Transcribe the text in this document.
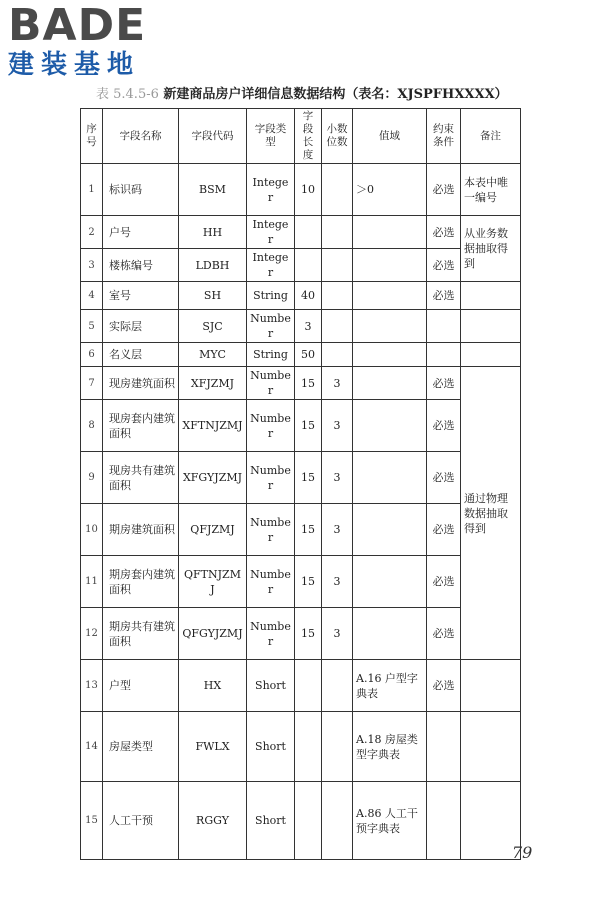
BADE
建装基地
表 5.4.5-6 新建商品房户详细信息数据结构（表名：XJSPFHXXXX）
序号	字段名称	字段代码	字段类型	字段长度	小数位数	值域	约束条件	备注
1	标识码	BSM	Integer	10		＞0	必选	本表中唯一编号
2	户号	HH	Integer				必选	从业务数据抽取得到
3	楼栋编号	LDBH	Integer				必选	
4	室号	SH	String	40			必选	
5	实际层	SJC	Number	3				
6	名义层	MYC	String	50				
7	现房建筑面积	XFJZMJ	Number	15	3		必选	通过物理数据抽取得到
8	现房套内建筑面积	XFTNJZMJ	Number	15	3		必选	
9	现房共有建筑面积	XFGYJZMJ	Number	15	3		必选	
10	期房建筑面积	QFJZMJ	Number	15	3		必选	
11	期房套内建筑面积	QFTNJZMJ	Number	15	3		必选	
12	期房共有建筑面积	QFGYJZMJ	Number	15	3		必选	
13	户型	HX	Short			A.16 户型字典表	必选	
14	房屋类型	FWLX	Short			A.18 房屋类型字典表		
15	人工干预	RGGY	Short			A.86 人工干预字典表		
79
